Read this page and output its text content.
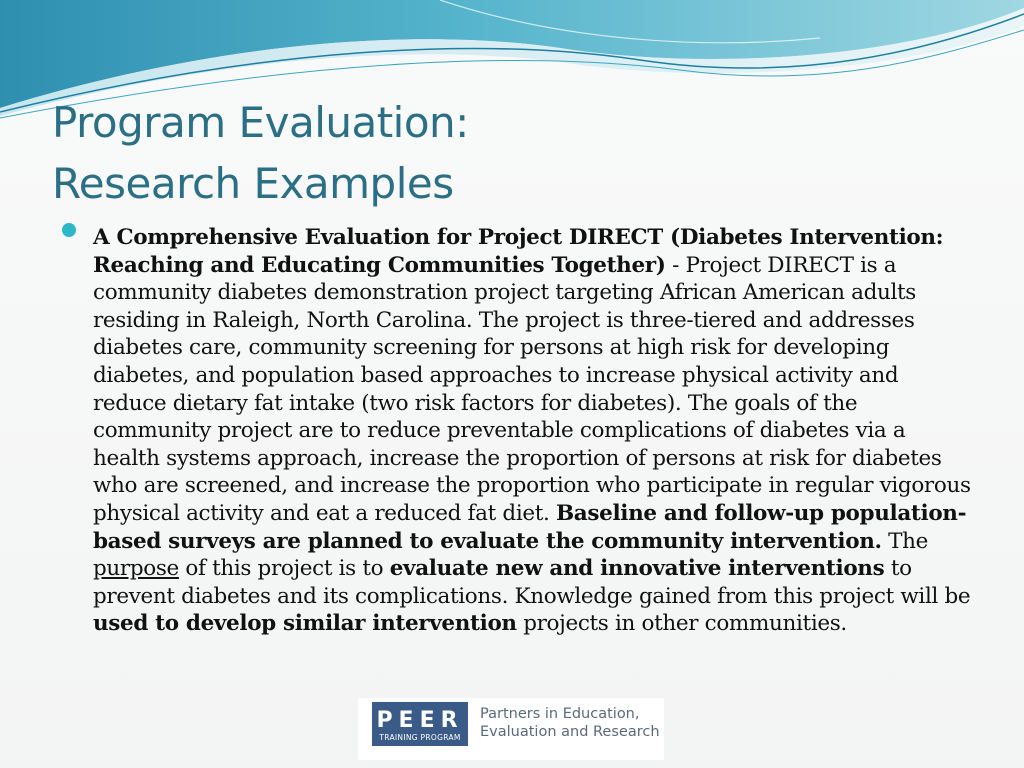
Program Evaluation:
Research Examples

A Comprehensive Evaluation for Project DIRECT (Diabetes Intervention: Reaching and Educating Communities Together) - Project DIRECT is a community diabetes demonstration project targeting African American adults residing in Raleigh, North Carolina. The project is three-tiered and addresses diabetes care, community screening for persons at high risk for developing diabetes, and population based approaches to increase physical activity and reduce dietary fat intake (two risk factors for diabetes). The goals of the community project are to reduce preventable complications of diabetes via a health systems approach, increase the proportion of persons at risk for diabetes who are screened, and increase the proportion who participate in regular vigorous physical activity and eat a reduced fat diet. Baseline and follow-up population-based surveys are planned to evaluate the community intervention. The purpose of this project is to evaluate new and innovative interventions to prevent diabetes and its complications. Knowledge gained from this project will be used to develop similar intervention projects in other communities.

PEER
TRAINING PROGRAM
Partners in Education,
Evaluation and Research
